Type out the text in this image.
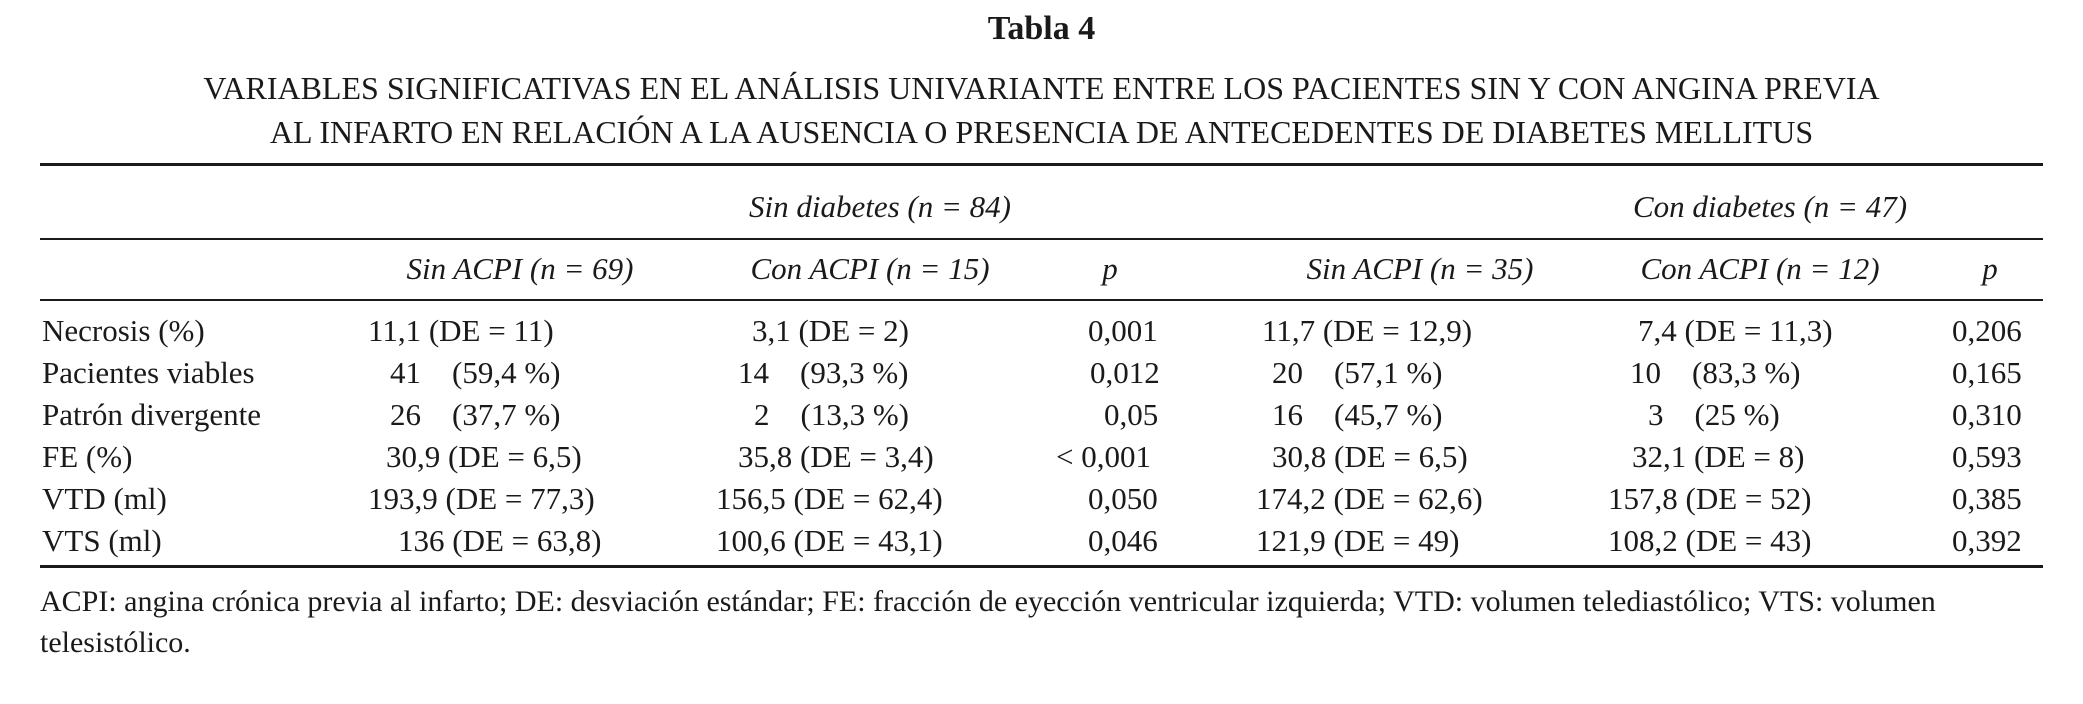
Tabla 4
VARIABLES SIGNIFICATIVAS EN EL ANÁLISIS UNIVARIANTE ENTRE LOS PACIENTES SIN Y CON ANGINA PREVIA
AL INFARTO EN RELACIÓN A LA AUSENCIA O PRESENCIA DE ANTECEDENTES DE DIABETES MELLITUS
Sin diabetes (n = 84)	Con diabetes (n = 47)
Sin ACPI (n = 69)	Con ACPI (n = 15)	p	Sin ACPI (n = 35)	Con ACPI (n = 12)	p
Necrosis (%)	11,1 (DE = 11)	3,1 (DE = 2)	0,001	11,7 (DE = 12,9)	7,4 (DE = 11,3)	0,206
Pacientes viables	41    (59,4 %)	14    (93,3 %)	0,012	20    (57,1 %)	10    (83,3 %)	0,165
Patrón divergente	26    (37,7 %)	2    (13,3 %)	0,05	16    (45,7 %)	3    (25 %)	0,310
FE (%)	30,9 (DE = 6,5)	35,8 (DE = 3,4)	< 0,001	30,8 (DE = 6,5)	32,1 (DE = 8)	0,593
VTD (ml)	193,9 (DE = 77,3)	156,5 (DE = 62,4)	0,050	174,2 (DE = 62,6)	157,8 (DE = 52)	0,385
VTS (ml)	136 (DE = 63,8)	100,6 (DE = 43,1)	0,046	121,9 (DE = 49)	108,2 (DE = 43)	0,392
ACPI: angina crónica previa al infarto; DE: desviación estándar; FE: fracción de eyección ventricular izquierda; VTD: volumen telediastólico; VTS: volumen telesistólico.
